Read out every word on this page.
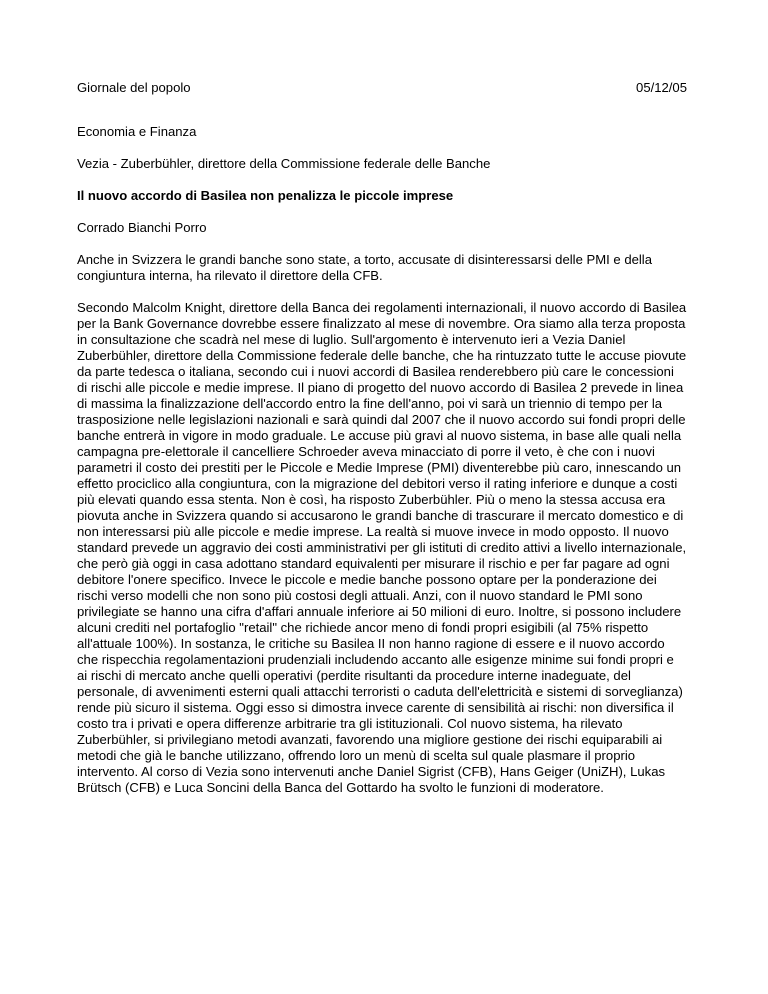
Giornale del popolo	05/12/05
Economia e Finanza
Vezia - Zuberbühler, direttore della Commissione federale delle Banche
Il nuovo accordo di Basilea non penalizza le piccole imprese
Corrado Bianchi Porro

Anche in Svizzera le grandi banche sono state, a torto, accusate di disinteressarsi delle PMI e della congiuntura interna, ha rilevato il direttore della CFB.

Secondo Malcolm Knight, direttore della Banca dei regolamenti internazionali, il nuovo accordo di Basilea per la Bank Governance dovrebbe essere finalizzato al mese di novembre. Ora siamo alla terza proposta in consultazione che scadrà nel mese di luglio. Sull'argomento è intervenuto ieri a Vezia Daniel Zuberbühler, direttore della Commissione federale delle banche, che ha rintuzzato tutte le accuse piovute da parte tedesca o italiana, secondo cui i nuovi accordi di Basilea renderebbero più care le concessioni di rischi alle piccole e medie imprese. Il piano di progetto del nuovo accordo di Basilea 2 prevede in linea di massima la finalizzazione dell'accordo entro la fine dell'anno, poi vi sarà un triennio di tempo per la trasposizione nelle legislazioni nazionali e sarà quindi dal 2007 che il nuovo accordo sui fondi propri delle banche entrerà in vigore in modo graduale. Le accuse più gravi al nuovo sistema, in base alle quali nella campagna pre-elettorale il cancelliere Schroeder aveva minacciato di porre il veto, è che con i nuovi parametri il costo dei prestiti per le Piccole e Medie Imprese (PMI) diventerebbe più caro, innescando un effetto prociclico alla congiuntura, con la migrazione del debitori verso il rating inferiore e dunque a costi più elevati quando essa stenta. Non è così, ha risposto Zuberbühler. Più o meno la stessa accusa era piovuta anche in Svizzera quando si accusarono le grandi banche di trascurare il mercato domestico e di non interessarsi più alle piccole e medie imprese. La realtà si muove invece in modo opposto. Il nuovo standard prevede un aggravio dei costi amministrativi per gli istituti di credito attivi a livello internazionale, che però già oggi in casa adottano standard equivalenti per misurare il rischio e per far pagare ad ogni debitore l'onere specifico. Invece le piccole e medie banche possono optare per la ponderazione dei rischi verso modelli che non sono più costosi degli attuali. Anzi, con il nuovo standard le PMI sono privilegiate se hanno una cifra d'affari annuale inferiore ai 50 milioni di euro. Inoltre, si possono includere alcuni crediti nel portafoglio "retail" che richiede ancor meno di fondi propri esigibili (al 75% rispetto all'attuale 100%). In sostanza, le critiche su Basilea II non hanno ragione di essere e il nuovo accordo che rispecchia regolamentazioni prudenziali includendo accanto alle esigenze minime sui fondi propri e ai rischi di mercato anche quelli operativi (perdite risultanti da procedure interne inadeguate, del personale, di avvenimenti esterni quali attacchi terroristi o caduta dell'elettricità e sistemi di sorveglianza) rende più sicuro il sistema. Oggi esso si dimostra invece carente di sensibilità ai rischi: non diversifica il costo tra i privati e opera differenze arbitrarie tra gli istituzionali. Col nuovo sistema, ha rilevato Zuberbühler, si privilegiano metodi avanzati, favorendo una migliore gestione dei rischi equiparabili ai metodi che già le banche utilizzano, offrendo loro un menù di scelta sul quale plasmare il proprio intervento. Al corso di Vezia sono intervenuti anche Daniel Sigrist (CFB), Hans Geiger (UniZH), Lukas Brütsch (CFB) e Luca Soncini della Banca del Gottardo ha svolto le funzioni di moderatore.
